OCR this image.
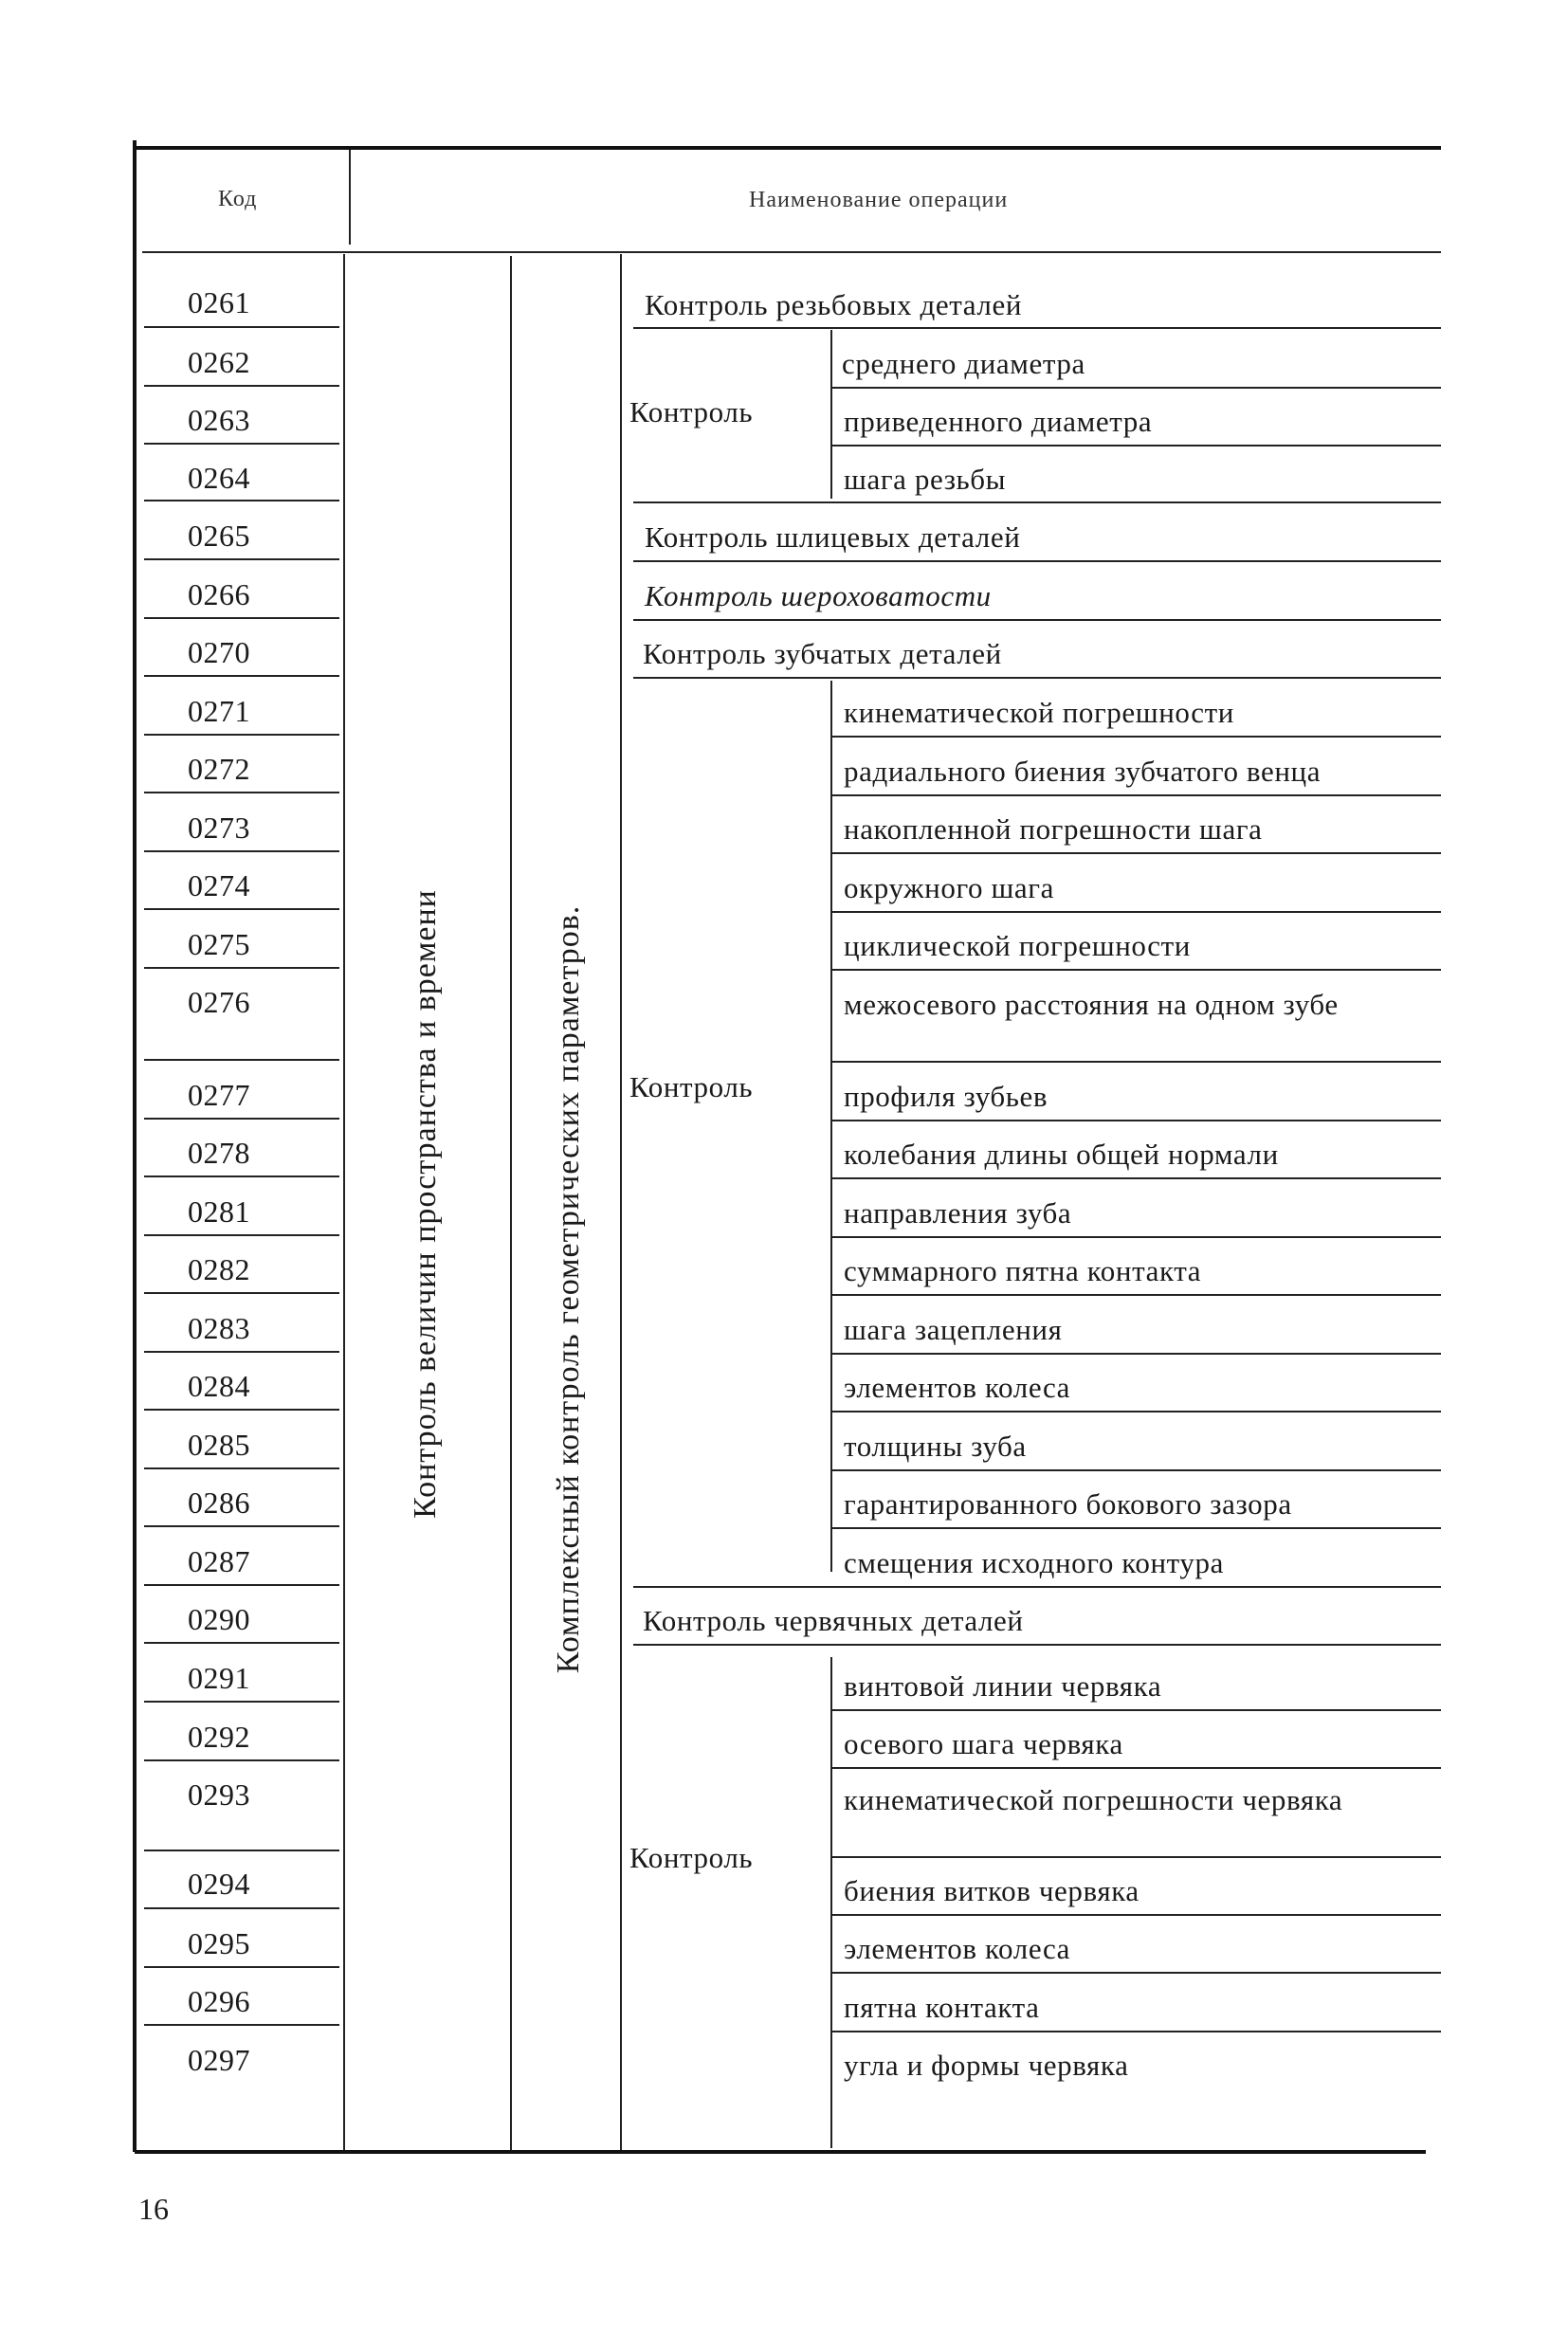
Код	Наименование операции
Контроль величин пространства и времени	Комплексный контроль геометрических параметров.
0261
0262
0263
0264
0265
0266
0270
0271
0272
0273
0274
0275
0276
0277
0278
0281
0282
0283
0284
0285
0286
0287
0290
0291
0292
0293
0294
0295
0296
0297
Контроль резьбовых деталей
Контроль
среднего диаметра
приведенного диаметра
шага резьбы
Контроль шлицевых деталей
Контроль шероховатости
Контроль зубчатых деталей
Контроль
кинематической погрешности
радиального биения зубчатого венца
накопленной погрешности шага
окружного шага
циклической погрешности
межосевого расстояния на одном зубе
профиля зубьев
колебания длины общей нормали
направления зуба
суммарного пятна контакта
шага зацепления
элементов колеса
толщины зуба
гарантированного бокового зазора
смещения исходного контура
Контроль червячных деталей
Контроль
винтовой линии червяка
осевого шага червяка
кинематической погрешности червяка
биения витков червяка
элементов колеса
пятна контакта
угла и формы червяка
16
